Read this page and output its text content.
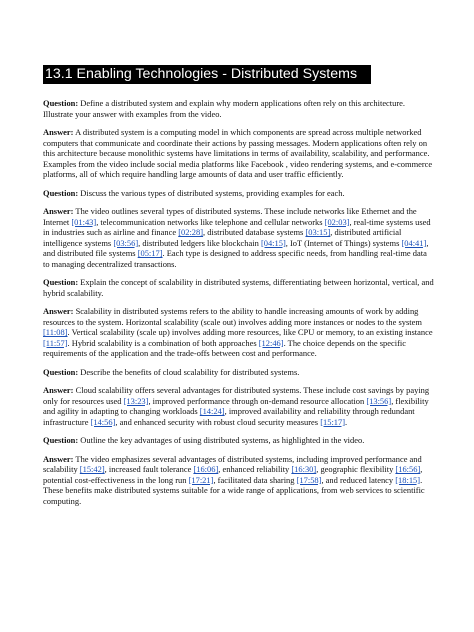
13.1 Enabling Technologies - Distributed Systems

Question: Define a distributed system and explain why modern applications often rely on this architecture. Illustrate your answer with examples from the video.

Answer: A distributed system is a computing model in which components are spread across multiple networked computers that communicate and coordinate their actions by passing messages. Modern applications often rely on this architecture because monolithic systems have limitations in terms of availability, scalability, and performance. Examples from the video include social media platforms like Facebook , video rendering systems, and e-commerce platforms, all of which require handling large amounts of data and user traffic efficiently.

Question: Discuss the various types of distributed systems, providing examples for each.

Answer: The video outlines several types of distributed systems. These include networks like Ethernet and the Internet [01:43], telecommunication networks like telephone and cellular networks [02:03], real-time systems used in industries such as airline and finance [02:28], distributed database systems [03:15], distributed artificial intelligence systems [03:56], distributed ledgers like blockchain [04:15], IoT (Internet of Things) systems [04:41], and distributed file systems [05:17]. Each type is designed to address specific needs, from handling real-time data to managing decentralized transactions.

Question: Explain the concept of scalability in distributed systems, differentiating between horizontal, vertical, and hybrid scalability.

Answer: Scalability in distributed systems refers to the ability to handle increasing amounts of work by adding resources to the system. Horizontal scalability (scale out) involves adding more instances or nodes to the system [11:08]. Vertical scalability (scale up) involves adding more resources, like CPU or memory, to an existing instance [11:57]. Hybrid scalability is a combination of both approaches [12:46]. The choice depends on the specific requirements of the application and the trade-offs between cost and performance.

Question: Describe the benefits of cloud scalability for distributed systems.

Answer: Cloud scalability offers several advantages for distributed systems. These include cost savings by paying only for resources used [13:23], improved performance through on-demand resource allocation [13:56], flexibility and agility in adapting to changing workloads [14:24], improved availability and reliability through redundant infrastructure [14:56], and enhanced security with robust cloud security measures [15:17].

Question: Outline the key advantages of using distributed systems, as highlighted in the video.

Answer: The video emphasizes several advantages of distributed systems, including improved performance and scalability [15:42], increased fault tolerance [16:06], enhanced reliability [16:30], geographic flexibility [16:56], potential cost-effectiveness in the long run [17:21], facilitated data sharing [17:58], and reduced latency [18:15]. These benefits make distributed systems suitable for a wide range of applications, from web services to scientific computing.
